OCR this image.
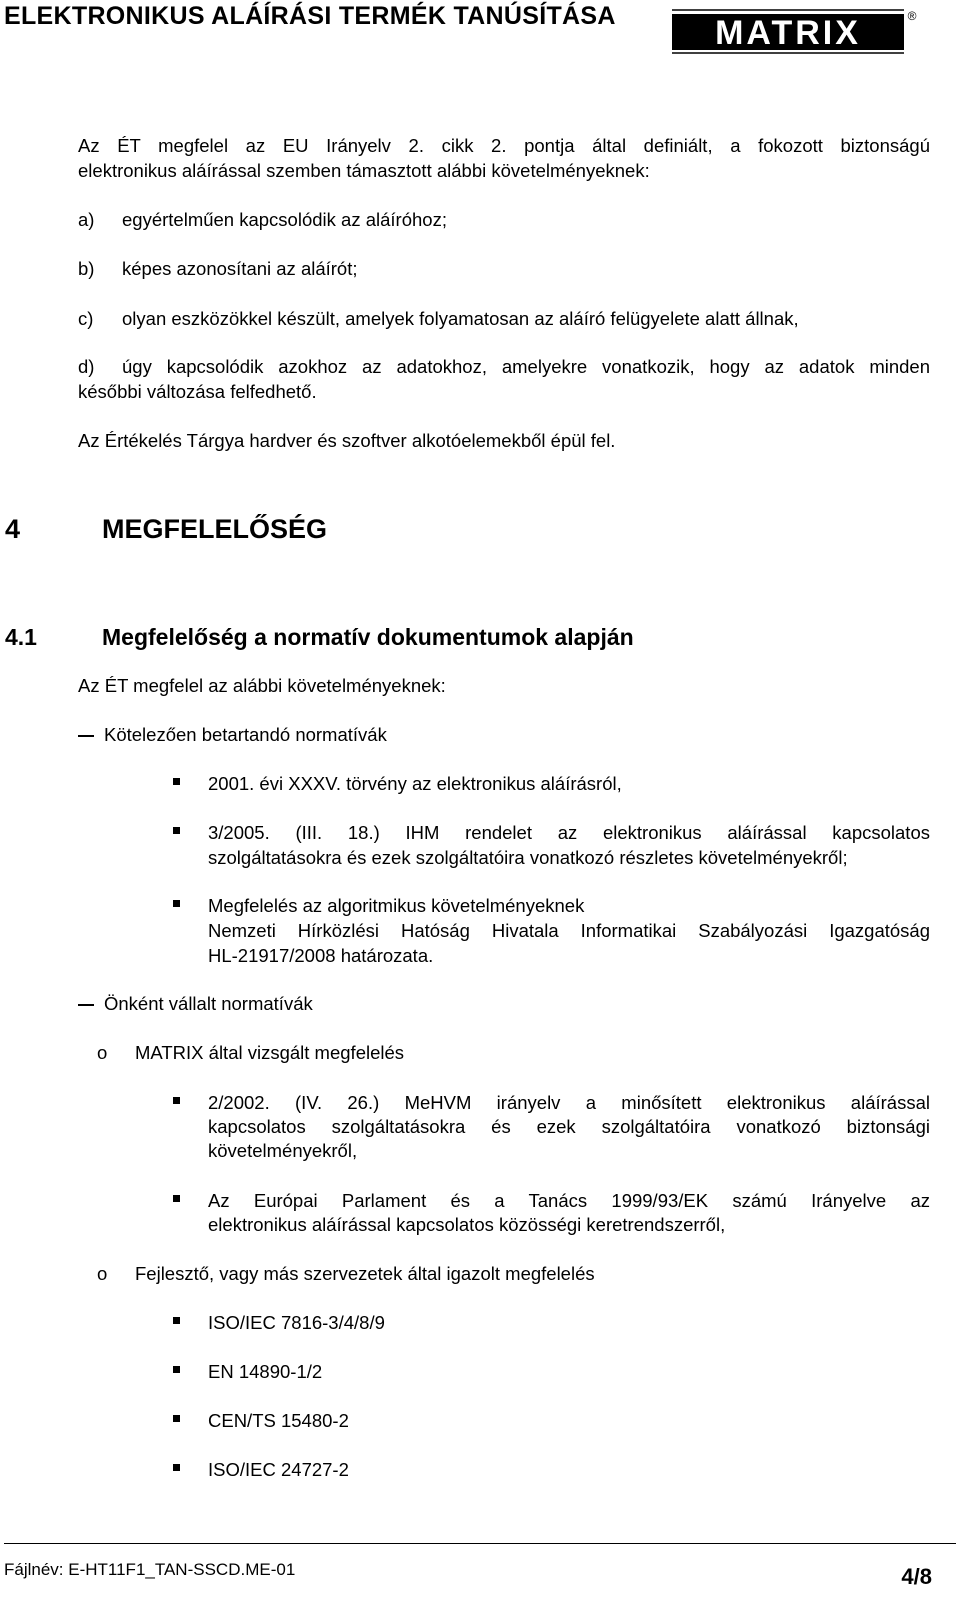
ELEKTRONIKUS ALÁÍRÁSI TERMÉK TANÚSÍTÁSA	MATRIX	®
Az ÉT megfelel az EU Irányelv 2. cikk 2. pontja által definiált, a fokozott biztonságú
elektronikus aláírással szemben támasztott alábbi követelményeknek:
a) egyértelműen kapcsolódik az aláíróhoz;
b) képes azonosítani az aláírót;
c) olyan eszközökkel készült, amelyek folyamatosan az aláíró felügyelete alatt állnak,
d) úgy kapcsolódik azokhoz az adatokhoz, amelyekre vonatkozik, hogy az adatok minden
későbbi változása felfedhető.
Az Értékelés Tárgya hardver és szoftver alkotóelemekből épül fel.
4	MEGFELELŐSÉG
4.1	Megfelelőség a normatív dokumentumok alapján
Az ÉT megfelel az alábbi követelményeknek:
Kötelezően betartandó normatívák
2001. évi XXXV. törvény az elektronikus aláírásról,
3/2005. (III. 18.) IHM rendelet az elektronikus aláírással kapcsolatos
szolgáltatásokra és ezek szolgáltatóira vonatkozó részletes követelményekről;
Megfelelés az algoritmikus követelményeknek
Nemzeti Hírközlési Hatóság Hivatala Informatikai Szabályozási Igazgatóság
HL-21917/2008 határozata.
Önként vállalt normatívák
o MATRIX által vizsgált megfelelés
2/2002. (IV. 26.) MeHVM irányelv a minősített elektronikus aláírással
kapcsolatos szolgáltatásokra és ezek szolgáltatóira vonatkozó biztonsági
követelményekről,
Az Európai Parlament és a Tanács 1999/93/EK számú Irányelve az
elektronikus aláírással kapcsolatos közösségi keretrendszerről,
o Fejlesztő, vagy más szervezetek által igazolt megfelelés
ISO/IEC 7816-3/4/8/9
EN 14890-1/2
CEN/TS 15480-2
ISO/IEC 24727-2
Fájlnév: E-HT11F1_TAN-SSCD.ME-01	4/8
